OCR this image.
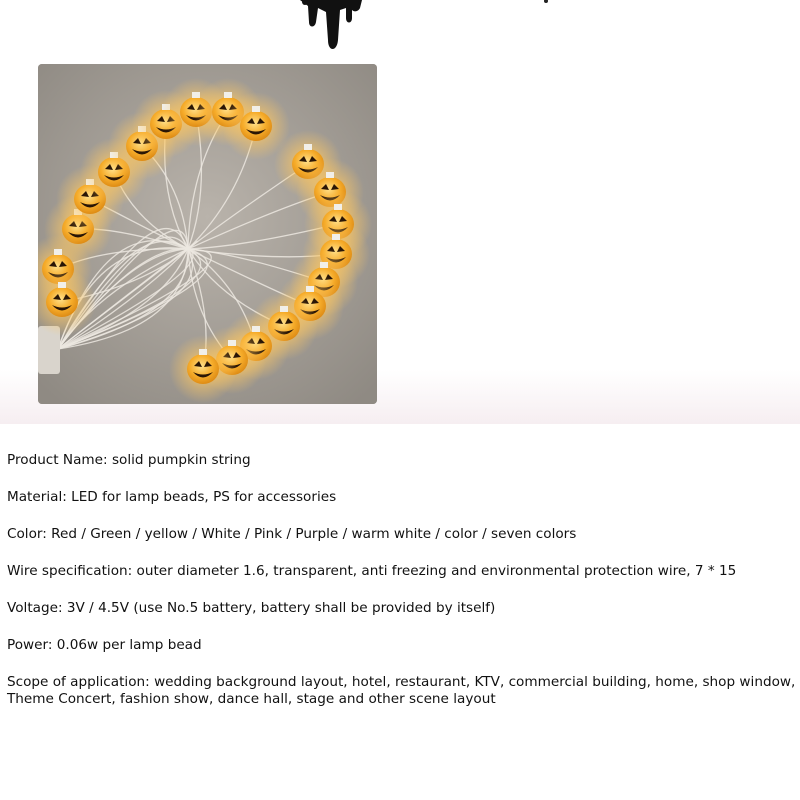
Product Name: solid pumpkin string

Material: LED for lamp beads, PS for accessories

Color: Red / Green / yellow / White / Pink / Purple / warm white / color / seven colors

Wire specification: outer diameter 1.6, transparent, anti freezing and environmental protection wire, 7 * 15

Voltage: 3V / 4.5V (use No.5 battery, battery shall be provided by itself)

Power: 0.06w per lamp bead

Scope of application: wedding background layout, hotel, restaurant, KTV, commercial building, home, shop window, Theme Concert, fashion show, dance hall, stage and other scene layout
